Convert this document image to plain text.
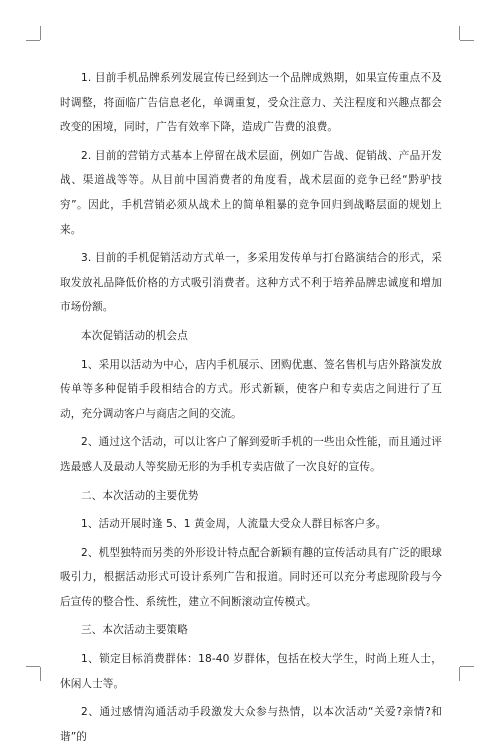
1. 目前手机品牌系列发展宣传已经到达一个品牌成熟期，如果宣传重点不及时调整，将面临广告信息老化，单调重复，受众注意力、关注程度和兴趣点都会改变的困境，同时，广告有效率下降，造成广告费的浪费。

2. 目前的营销方式基本上停留在战术层面，例如广告战、促销战、产品开发战、渠道战等等。从目前中国消费者的角度看，战术层面的竞争已经“黔驴技穷”。因此，手机营销必须从战术上的简单粗暴的竞争回归到战略层面的规划上来。

3. 目前的手机促销活动方式单一，多采用发传单与打台路演结合的形式，采取发放礼品降低价格的方式吸引消费者。这种方式不利于培养品牌忠诚度和增加市场份额。

本次促销活动的机会点

1、采用以活动为中心，店内手机展示、团购优惠、签名售机与店外路演发放传单等多种促销手段相结合的方式。形式新颖，使客户和专卖店之间进行了互动，充分调动客户与商店之间的交流。

2、通过这个活动，可以让客户了解到爱昕手机的一些出众性能，而且通过评选最感人及最动人等奖励无形的为手机专卖店做了一次良好的宣传。

二、本次活动的主要优势

1、活动开展时逢 5、1 黄金周，人流量大受众人群目标客户多。

2、机型独特而另类的外形设计特点配合新颖有趣的宣传活动具有广泛的眼球吸引力，根据活动形式可设计系列广告和报道。同时还可以充分考虑现阶段与今后宣传的整合性、系统性，建立不间断滚动宣传模式。

三、本次活动主要策略

1、锁定目标消费群体：18-40 岁群体，包括在校大学生，时尚上班人士，休闲人士等。

2、通过感情沟通活动手段激发大众参与热情，以本次活动“关爱?亲情?和谐”的
